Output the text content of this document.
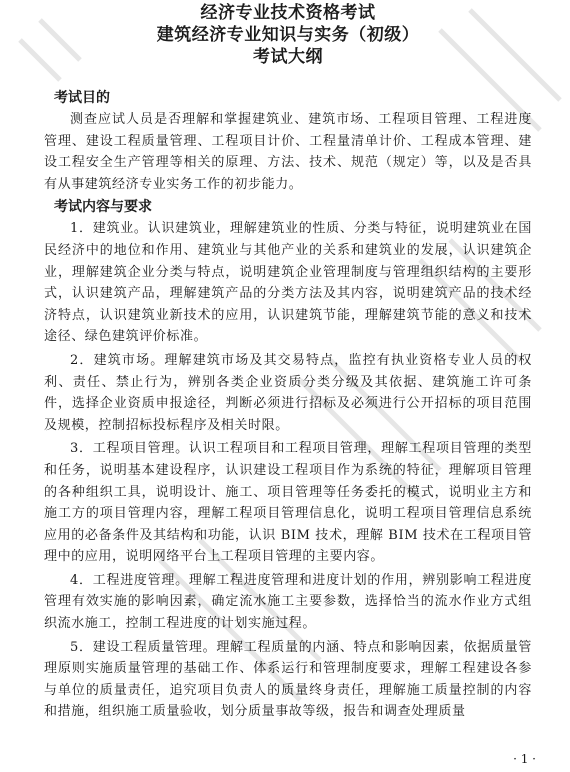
经济专业技术资格考试

建筑经济专业知识与实务（初级）

考试大纲

考试目的

测查应试人员是否理解和掌握建筑业、建筑市场、工程项目管理、工程进度管理、建设工程质量管理、工程项目计价、工程量清单计价、工程成本管理、建设工程安全生产管理等相关的原理、方法、技术、规范（规定）等，以及是否具有从事建筑经济专业实务工作的初步能力。

考试内容与要求

1．建筑业。认识建筑业，理解建筑业的性质、分类与特征，说明建筑业在国民经济中的地位和作用、建筑业与其他产业的关系和建筑业的发展，认识建筑企业，理解建筑企业分类与特点，说明建筑企业管理制度与管理组织结构的主要形式，认识建筑产品，理解建筑产品的分类方法及其内容，说明建筑产品的技术经济特点，认识建筑业新技术的应用，认识建筑节能，理解建筑节能的意义和技术途径、绿色建筑评价标准。

2．建筑市场。理解建筑市场及其交易特点，监控有执业资格专业人员的权利、责任、禁止行为，辨别各类企业资质分类分级及其依据、建筑施工许可条件，选择企业资质申报途径，判断必须进行招标及必须进行公开招标的项目范围及规模，控制招标投标程序及相关时限。

3．工程项目管理。认识工程项目和工程项目管理，理解工程项目管理的类型和任务，说明基本建设程序，认识建设工程项目作为系统的特征，理解项目管理的各种组织工具，说明设计、施工、项目管理等任务委托的模式，说明业主方和施工方的项目管理内容，理解工程项目管理信息化，说明工程项目管理信息系统应用的必备条件及其结构和功能，认识 BIM 技术，理解 BIM 技术在工程项目管理中的应用，说明网络平台上工程项目管理的主要内容。

4．工程进度管理。理解工程进度管理和进度计划的作用，辨别影响工程进度管理有效实施的影响因素，确定流水施工主要参数，选择恰当的流水作业方式组织流水施工，控制工程进度的计划实施过程。

5．建设工程质量管理。理解工程质量的内涵、特点和影响因素，依据质量管理原则实施质量管理的基础工作、体系运行和管理制度要求，理解工程建设各参与单位的质量责任，追究项目负责人的质量终身责任，理解施工质量控制的内容和措施，组织施工质量验收，划分质量事故等级，报告和调查处理质量

· 1 ·
